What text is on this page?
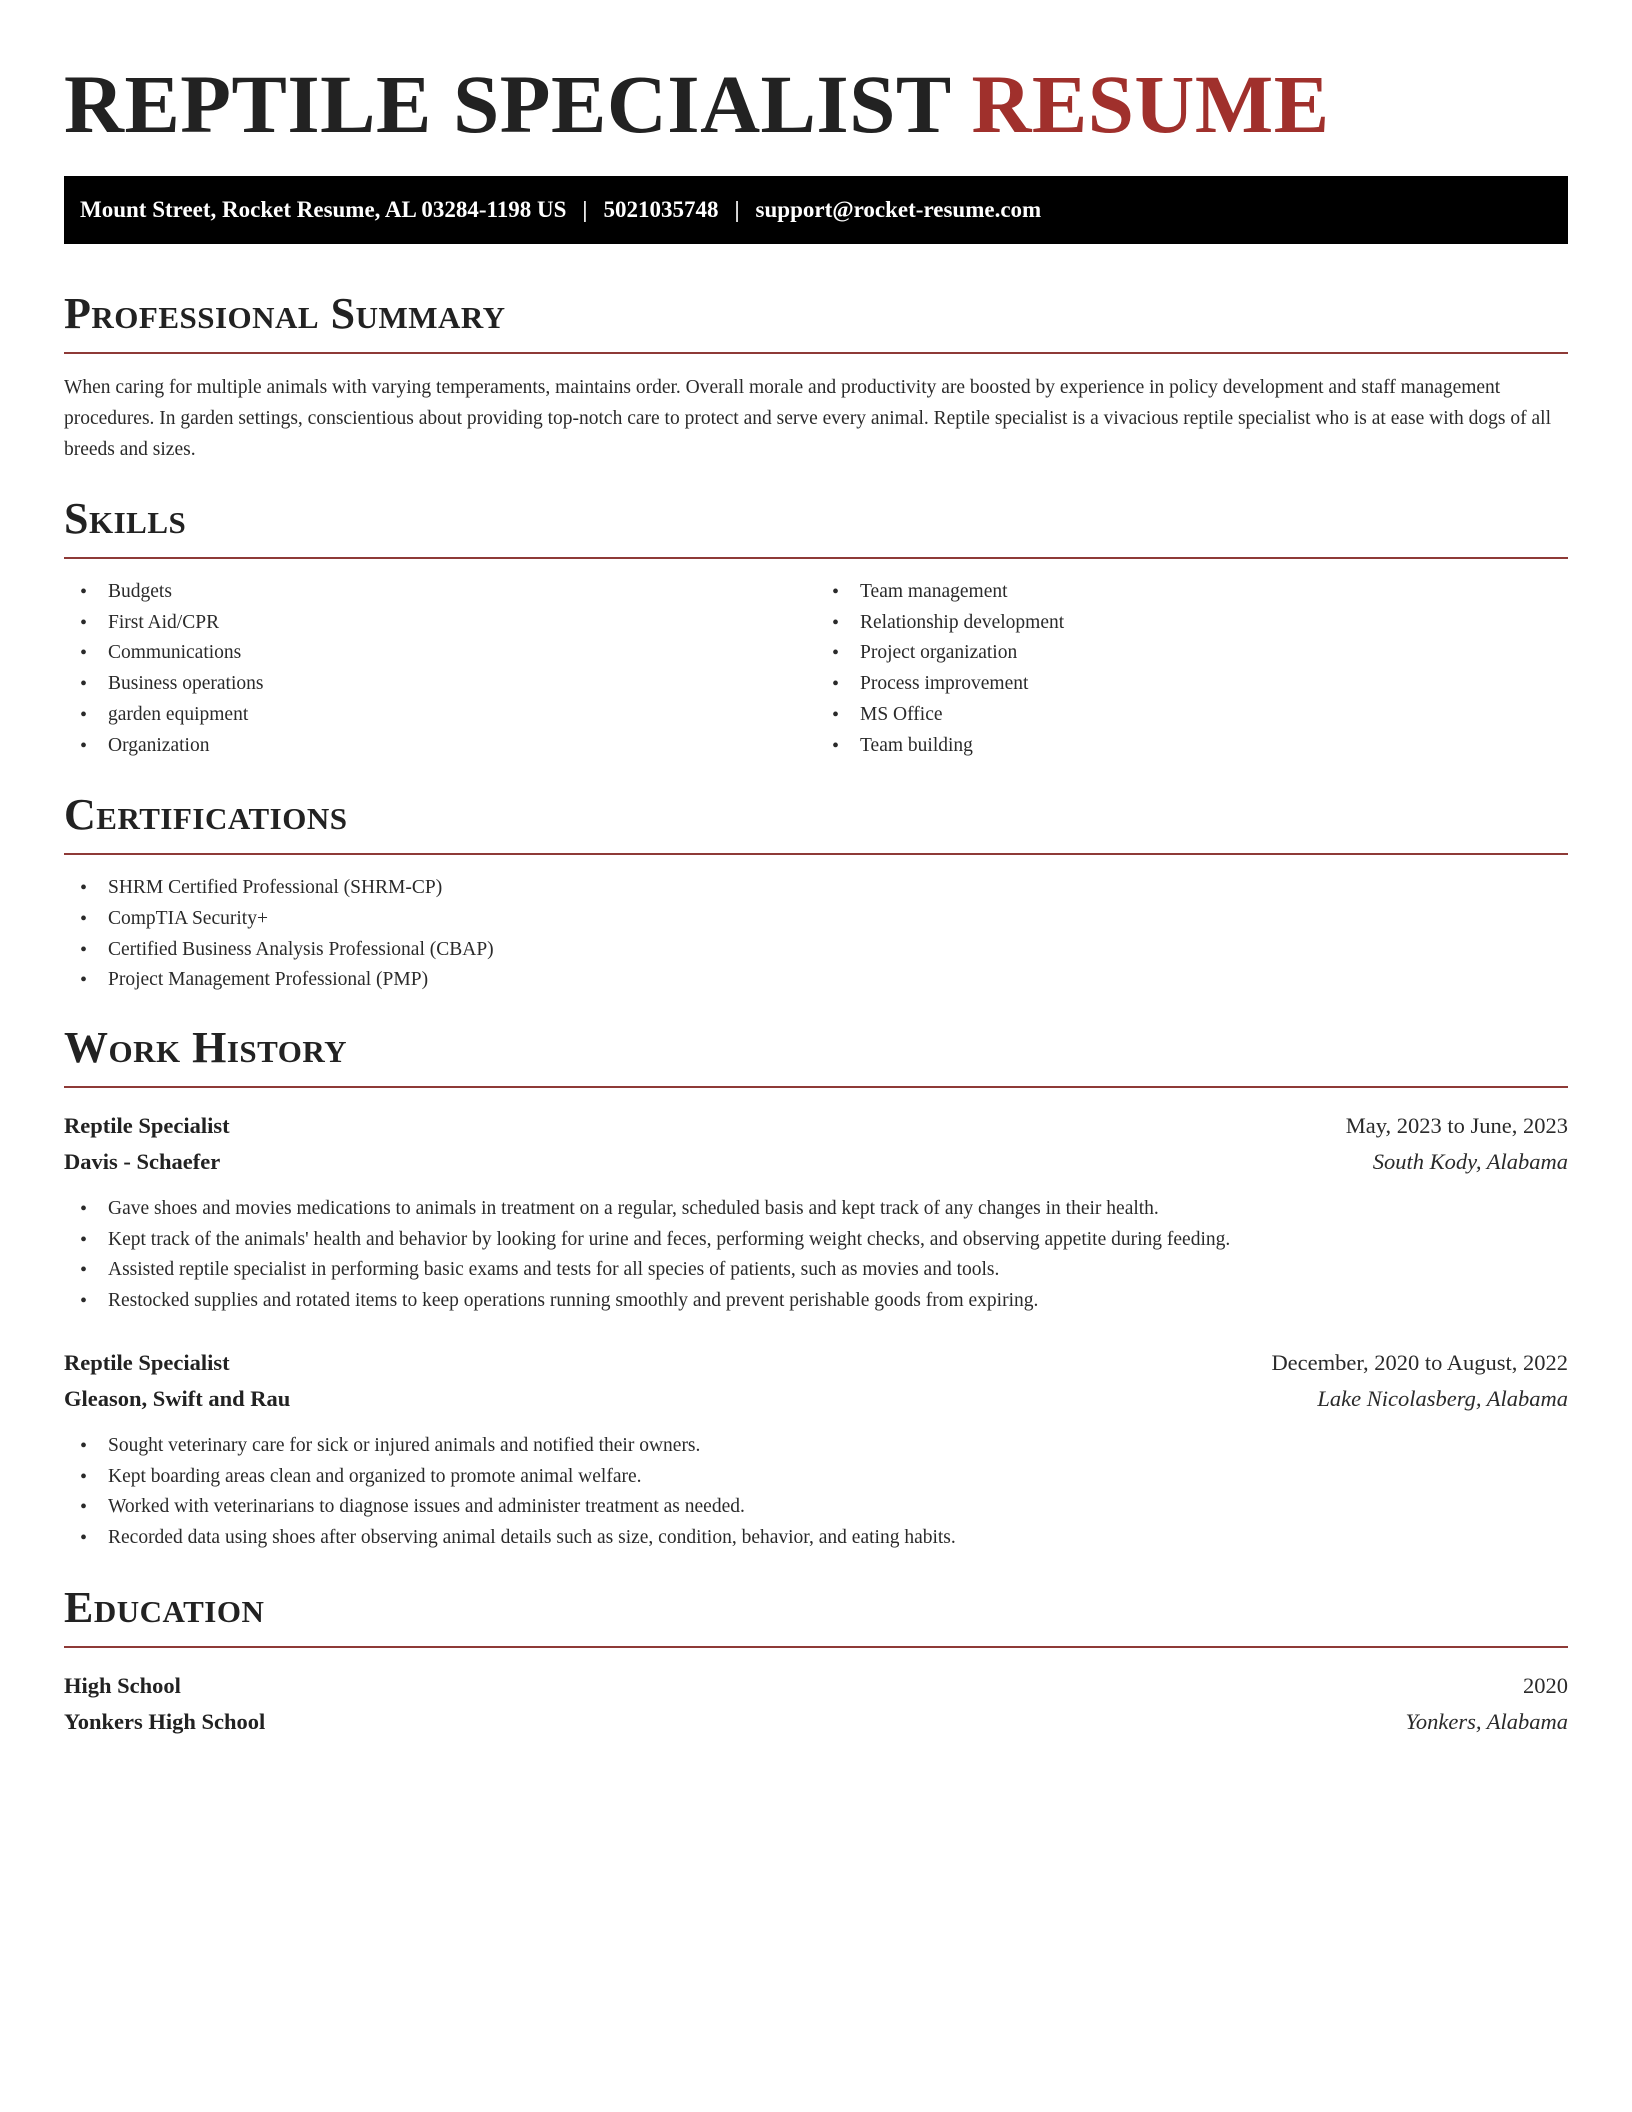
REPTILE SPECIALIST RESUME
Mount Street, Rocket Resume, AL 03284-1198 US | 5021035748 | support@rocket-resume.com
Professional Summary

When caring for multiple animals with varying temperaments, maintains order. Overall morale and productivity are boosted by experience in policy development and staff management procedures. In garden settings, conscientious about providing top-notch care to protect and serve every animal. Reptile specialist is a vivacious reptile specialist who is at ease with dogs of all breeds and sizes.

Skills
• Budgets
• First Aid/CPR
• Communications
• Business operations
• garden equipment
• Organization
• Team management
• Relationship development
• Project organization
• Process improvement
• MS Office
• Team building
Certifications
• SHRM Certified Professional (SHRM-CP)
• CompTIA Security+
• Certified Business Analysis Professional (CBAP)
• Project Management Professional (PMP)
Work History
Reptile Specialist	May, 2023 to June, 2023
Davis - Schaefer	South Kody, Alabama
• Gave shoes and movies medications to animals in treatment on a regular, scheduled basis and kept track of any changes in their health.
• Kept track of the animals' health and behavior by looking for urine and feces, performing weight checks, and observing appetite during feeding.
• Assisted reptile specialist in performing basic exams and tests for all species of patients, such as movies and tools.
• Restocked supplies and rotated items to keep operations running smoothly and prevent perishable goods from expiring.
Reptile Specialist	December, 2020 to August, 2022
Gleason, Swift and Rau	Lake Nicolasberg, Alabama
• Sought veterinary care for sick or injured animals and notified their owners.
• Kept boarding areas clean and organized to promote animal welfare.
• Worked with veterinarians to diagnose issues and administer treatment as needed.
• Recorded data using shoes after observing animal details such as size, condition, behavior, and eating habits.
Education
High School	2020
Yonkers High School	Yonkers, Alabama
